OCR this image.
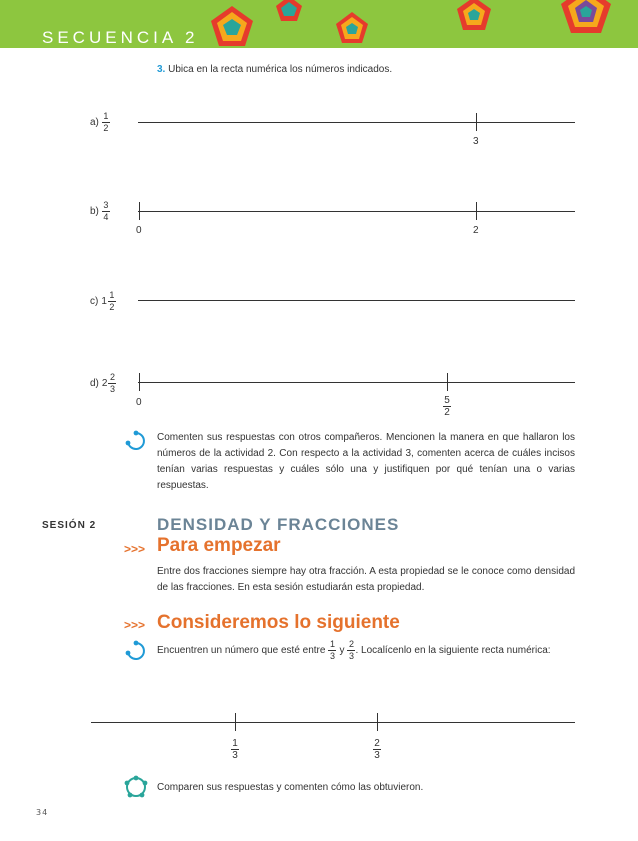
SECUENCIA 2
3. Ubica en la recta numérica los números indicados.
$a) \frac{1}{2}$
3
$b) \frac{3}{4}$
0	2
c) $1 \frac{1}{2}$
d) $2 \frac{2}{3}$
0	5
2
Comenten sus respuestas con otros compañeros. Mencionen la manera en que hallaron los números de la actividad 2. Con respecto a la actividad 3, comenten acerca de cuáles incisos tenían varias respuestas y cuáles sólo una y justifiquen por qué tenían una o varias respuestas.
SESIÓN 2	DENSIDAD Y FRACCIONES
>>> Para empezar
Entre dos fracciones siempre hay otra fracción. A esta propiedad se le conoce como densidad de las fracciones. En esta sesión estudiarán esta propiedad.
>>> Consideremos lo siguiente
Encuentren un número que esté entre $\frac{1}{3}$ y $\frac{2}{3}$ . Localícenlo en la siguiente recta numérica:
1
3
2
3
Comparen sus respuestas y comenten cómo las obtuvieron.
34
